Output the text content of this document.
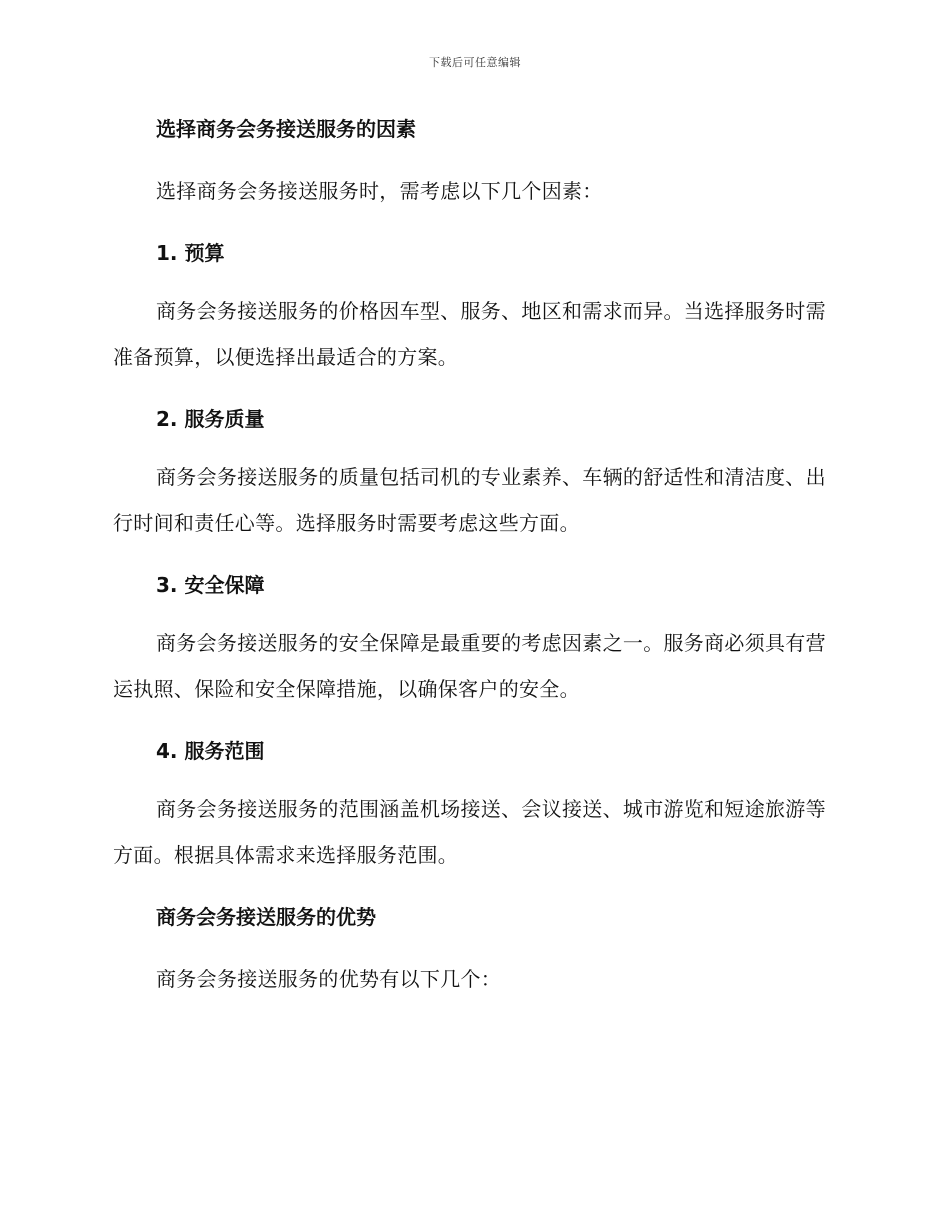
下载后可任意编辑
选择商务会务接送服务的因素

选择商务会务接送服务时，需考虑以下几个因素：

1. 预算

商务会务接送服务的价格因车型、服务、地区和需求而异。当选择服务时需准备预算，以便选择出最适合的方案。

2. 服务质量

商务会务接送服务的质量包括司机的专业素养、车辆的舒适性和清洁度、出行时间和责任心等。选择服务时需要考虑这些方面。

3. 安全保障

商务会务接送服务的安全保障是最重要的考虑因素之一。服务商必须具有营运执照、保险和安全保障措施，以确保客户的安全。

4. 服务范围

商务会务接送服务的范围涵盖机场接送、会议接送、城市游览和短途旅游等方面。根据具体需求来选择服务范围。

商务会务接送服务的优势

商务会务接送服务的优势有以下几个：
